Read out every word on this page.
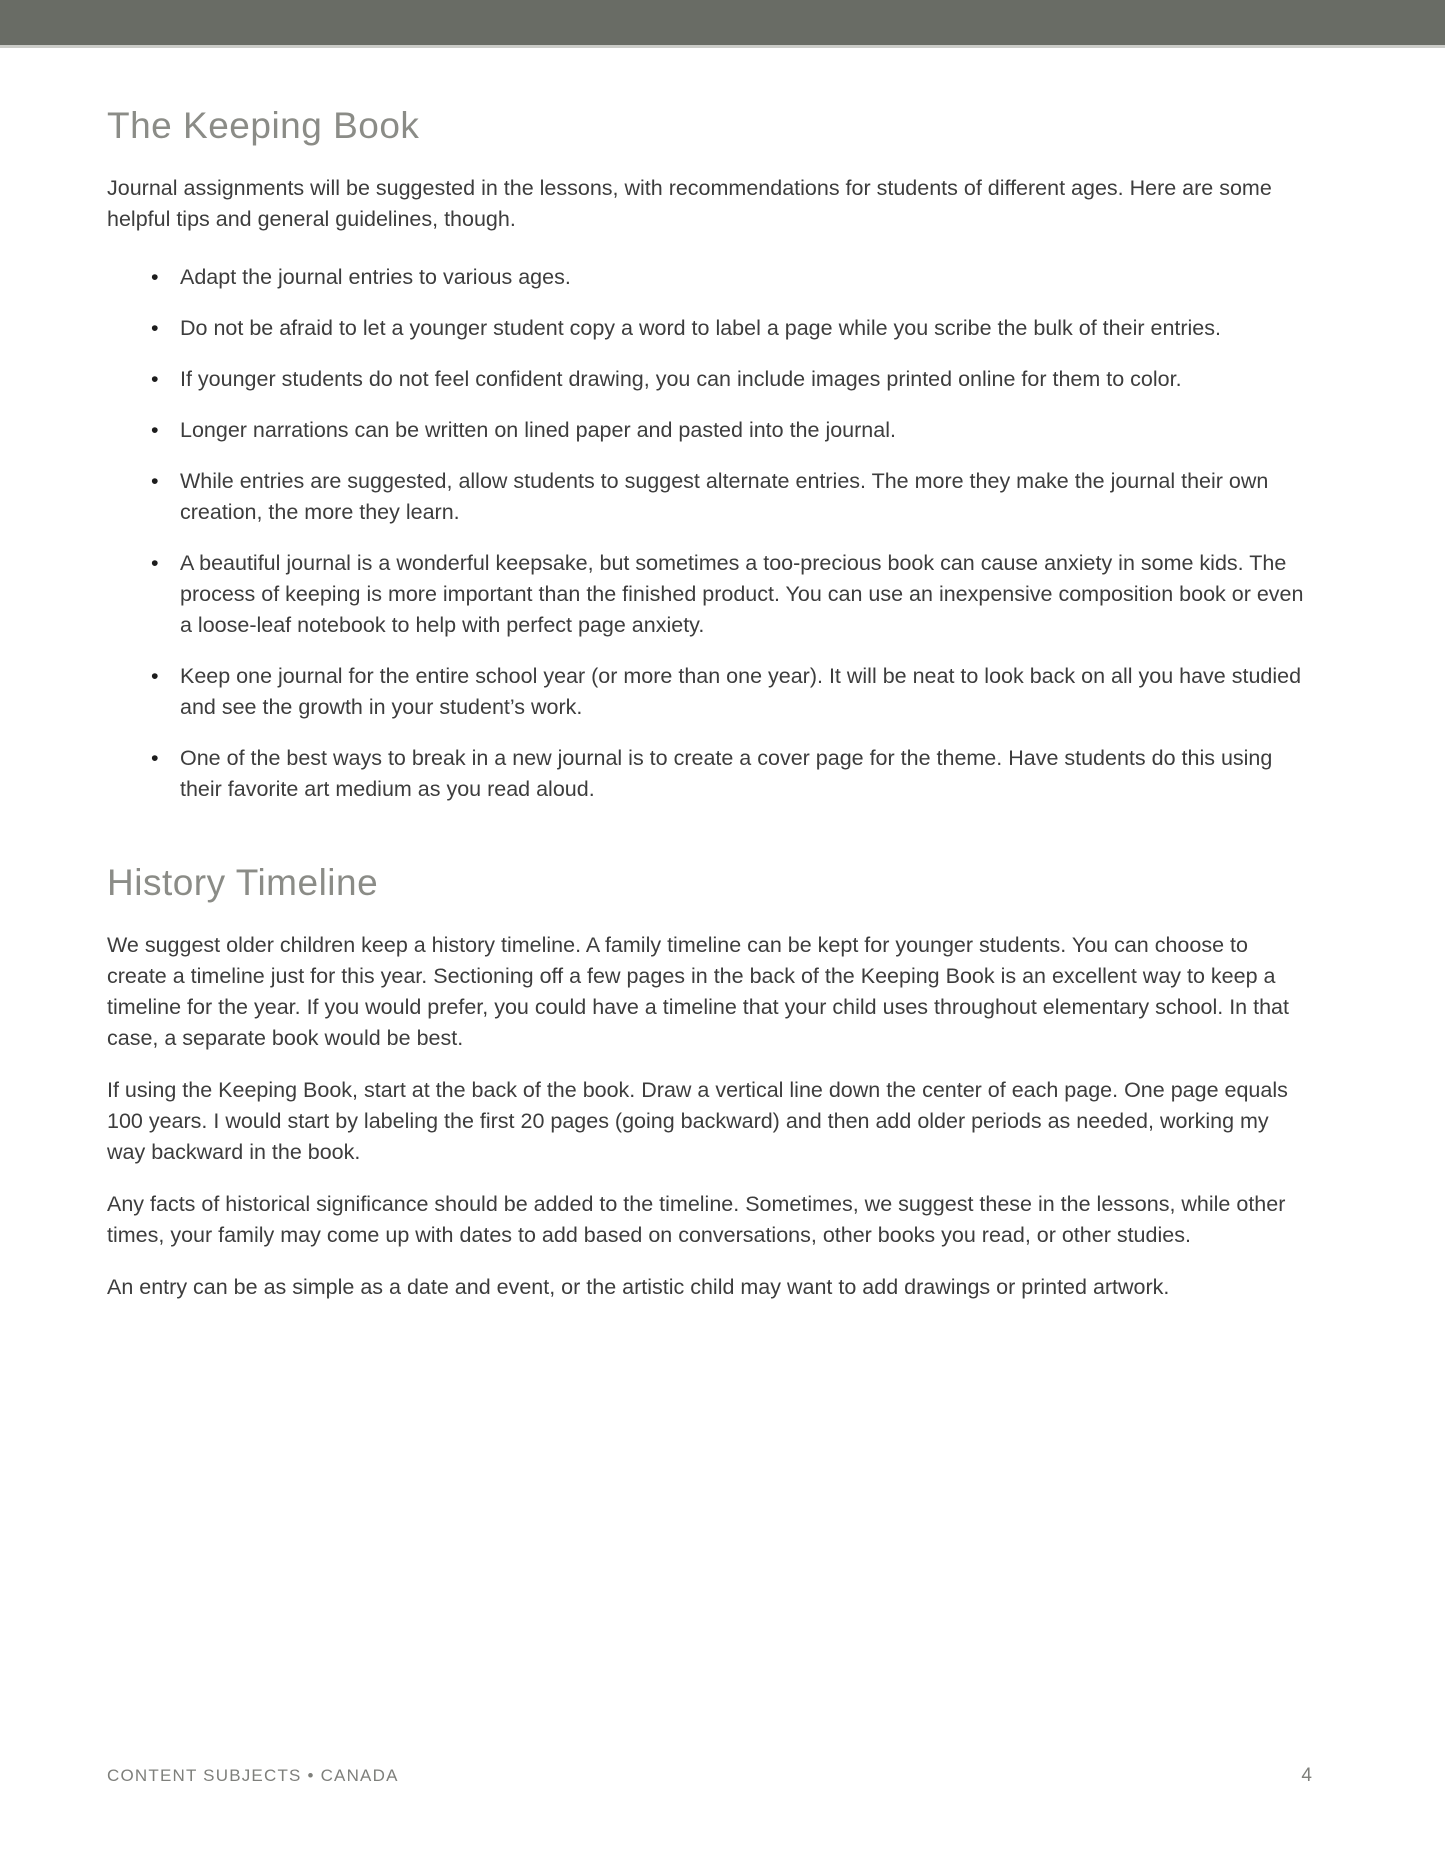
The Keeping Book

Journal assignments will be suggested in the lessons, with recommendations for students of different ages. Here are some helpful tips and general guidelines, though.

Adapt the journal entries to various ages.
Do not be afraid to let a younger student copy a word to label a page while you scribe the bulk of their entries.
If younger students do not feel confident drawing, you can include images printed online for them to color.
Longer narrations can be written on lined paper and pasted into the journal.
While entries are suggested, allow students to suggest alternate entries. The more they make the journal their own creation, the more they learn.
A beautiful journal is a wonderful keepsake, but sometimes a too-precious book can cause anxiety in some kids. The process of keeping is more important than the finished product. You can use an inexpensive composition book or even a loose-leaf notebook to help with perfect page anxiety.
Keep one journal for the entire school year (or more than one year). It will be neat to look back on all you have studied and see the growth in your student’s work.
One of the best ways to break in a new journal is to create a cover page for the theme. Have students do this using their favorite art medium as you read aloud.
History Timeline

We suggest older children keep a history timeline. A family timeline can be kept for younger students. You can choose to create a timeline just for this year. Sectioning off a few pages in the back of the Keeping Book is an excellent way to keep a timeline for the year. If you would prefer, you could have a timeline that your child uses throughout elementary school. In that case, a separate book would be best.

If using the Keeping Book, start at the back of the book. Draw a vertical line down the center of each page. One page equals 100 years. I would start by labeling the first 20 pages (going backward) and then add older periods as needed, working my way backward in the book.

Any facts of historical significance should be added to the timeline. Sometimes, we suggest these in the lessons, while other times, your family may come up with dates to add based on conversations, other books you read, or other studies.

An entry can be as simple as a date and event, or the artistic child may want to add drawings or printed artwork.

CONTENT SUBJECTS • CANADA	4
